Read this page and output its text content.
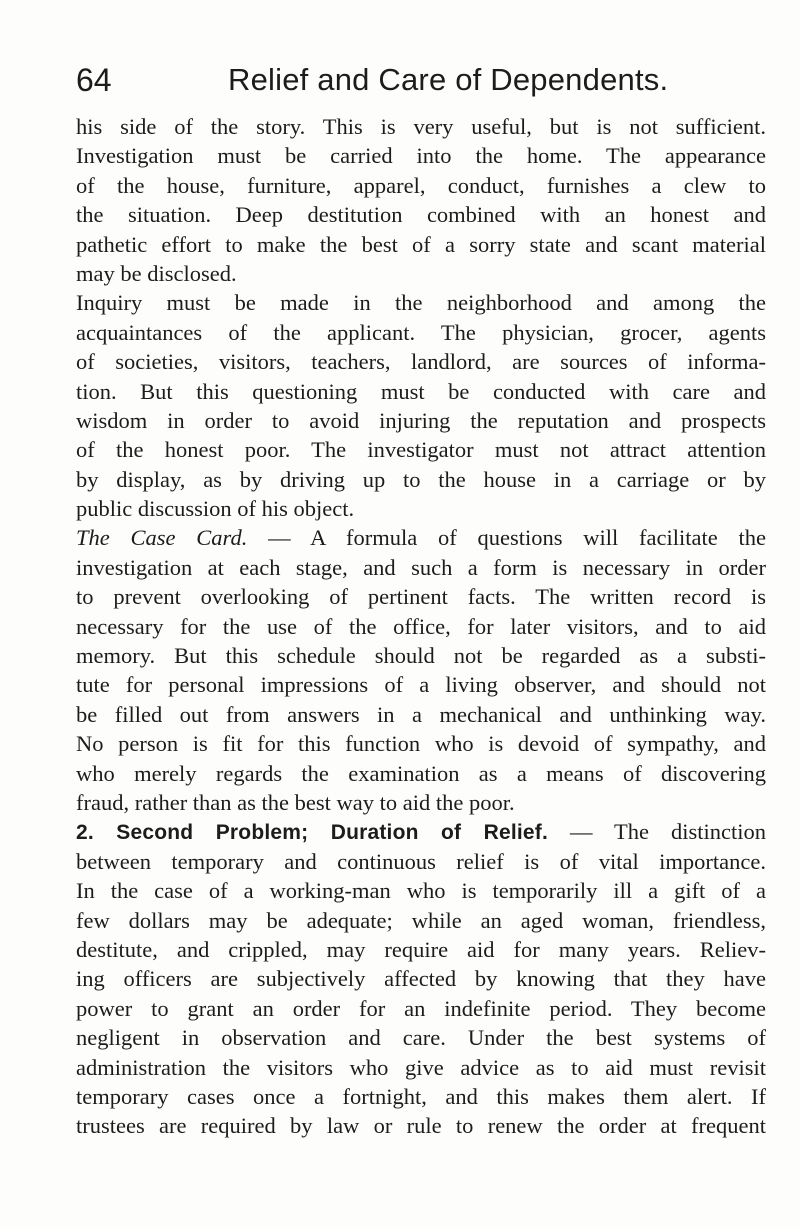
64	Relief and Care of Dependents.
his side of the story. This is very useful, but is not sufficient.
Investigation must be carried into the home. The appearance
of the house, furniture, apparel, conduct, furnishes a clew to
the situation. Deep destitution combined with an honest and
pathetic effort to make the best of a sorry state and scant material
may be disclosed.
Inquiry must be made in the neighborhood and among the
acquaintances of the applicant. The physician, grocer, agents
of societies, visitors, teachers, landlord, are sources of informa-
tion. But this questioning must be conducted with care and
wisdom in order to avoid injuring the reputation and prospects
of the honest poor. The investigator must not attract attention
by display, as by driving up to the house in a carriage or by
public discussion of his object.
The Case Card. — A formula of questions will facilitate the
investigation at each stage, and such a form is necessary in order
to prevent overlooking of pertinent facts. The written record is
necessary for the use of the office, for later visitors, and to aid
memory. But this schedule should not be regarded as a substi-
tute for personal impressions of a living observer, and should not
be filled out from answers in a mechanical and unthinking way.
No person is fit for this function who is devoid of sympathy, and
who merely regards the examination as a means of discovering
fraud, rather than as the best way to aid the poor.
2. Second Problem; Duration of Relief. — The distinction
between temporary and continuous relief is of vital importance.
In the case of a working-man who is temporarily ill a gift of a
few dollars may be adequate; while an aged woman, friendless,
destitute, and crippled, may require aid for many years. Reliev-
ing officers are subjectively affected by knowing that they have
power to grant an order for an indefinite period. They become
negligent in observation and care. Under the best systems of
administration the visitors who give advice as to aid must revisit
temporary cases once a fortnight, and this makes them alert. If
trustees are required by law or rule to renew the order at frequent
